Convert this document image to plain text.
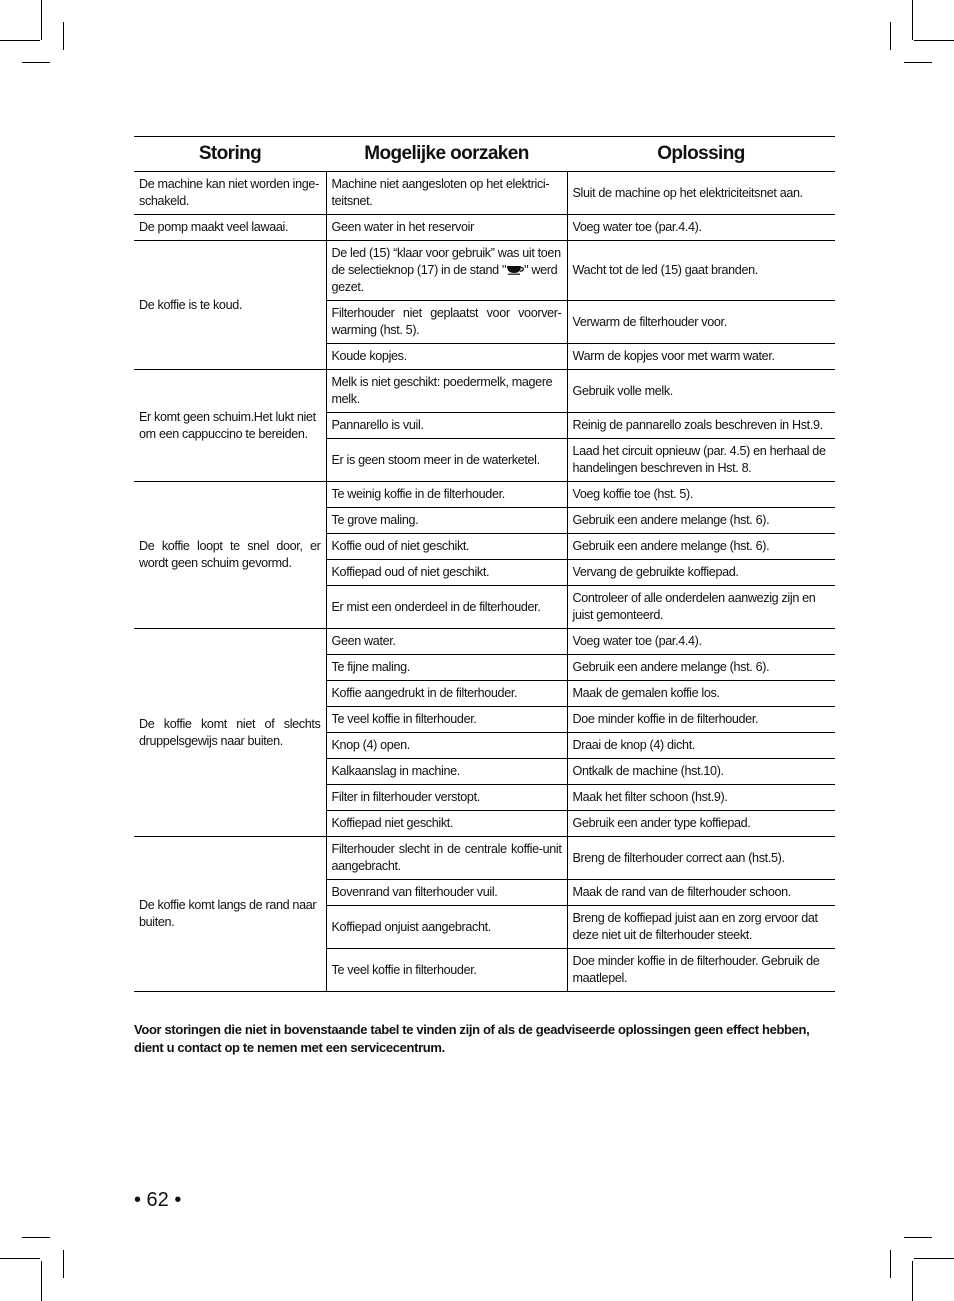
Storing	Mogelijke oorzaken	Oplossing
De machine kan niet worden inge-schakeld.	Machine niet aangesloten op het elektrici-teitsnet.	Sluit de machine op het elektriciteitsnet aan.
De pomp maakt veel lawaai.	Geen water in het reservoir	Voeg water toe (par.4.4).
De koffie is te koud.	De led (15) “klaar voor gebruik” was uit toen de selectieknop (17) in de stand " " werd gezet.	Wacht tot de led (15) gaat branden.
	Filterhouder niet geplaatst voor voorver-warming (hst. 5).	Verwarm de filterhouder voor.
	Koude kopjes.	Warm de kopjes voor met warm water.
Er komt geen schuim.Het lukt niet om een cappuccino te bereiden.	Melk is niet geschikt: poedermelk, magere melk.	Gebruik volle melk.
	Pannarello is vuil.	Reinig de pannarello zoals beschreven in Hst.9.
	Er is geen stoom meer in de waterketel.	Laad het circuit opnieuw (par. 4.5) en herhaal de handelingen beschreven in Hst. 8.
De koffie loopt te snel door, er wordt geen schuim gevormd.	Te weinig koffie in de filterhouder.	Voeg koffie toe (hst. 5).
	Te grove maling.	Gebruik een andere melange (hst. 6).
	Koffie oud of niet geschikt.	Gebruik een andere melange (hst. 6).
	Koffiepad oud of niet geschikt.	Vervang de gebruikte koffiepad.
	Er mist een onderdeel in de filterhouder.	Controleer of alle onderdelen aanwezig zijn en juist gemonteerd.
De koffie komt niet of slechts druppelsgewijs naar buiten.	Geen water.	Voeg water toe (par.4.4).
	Te fijne maling.	Gebruik een andere melange (hst. 6).
	Koffie aangedrukt in de filterhouder.	Maak de gemalen koffie los.
	Te veel koffie in filterhouder.	Doe minder koffie in de filterhouder.
	Knop (4) open.	Draai de knop (4) dicht.
	Kalkaanslag in machine.	Ontkalk de machine (hst.10).
	Filter in filterhouder verstopt.	Maak het filter schoon (hst.9).
	Koffiepad niet geschikt.	Gebruik een ander type koffiepad.
De koffie komt langs de rand naar buiten.	Filterhouder slecht in de centrale koffie-unit aangebracht.	Breng de filterhouder correct aan (hst.5).
	Bovenrand van filterhouder vuil.	Maak de rand van de filterhouder schoon.
	Koffiepad onjuist aangebracht.	Breng de koffiepad juist aan en zorg ervoor dat deze niet uit de filterhouder steekt.
	Te veel koffie in filterhouder.	Doe minder koffie in de filterhouder. Gebruik de maatlepel.
Voor storingen die niet in bovenstaande tabel te vinden zijn of als de geadviseerde oplossingen geen effect hebben, dient u contact op te nemen met een servicecentrum.
• 62 •
